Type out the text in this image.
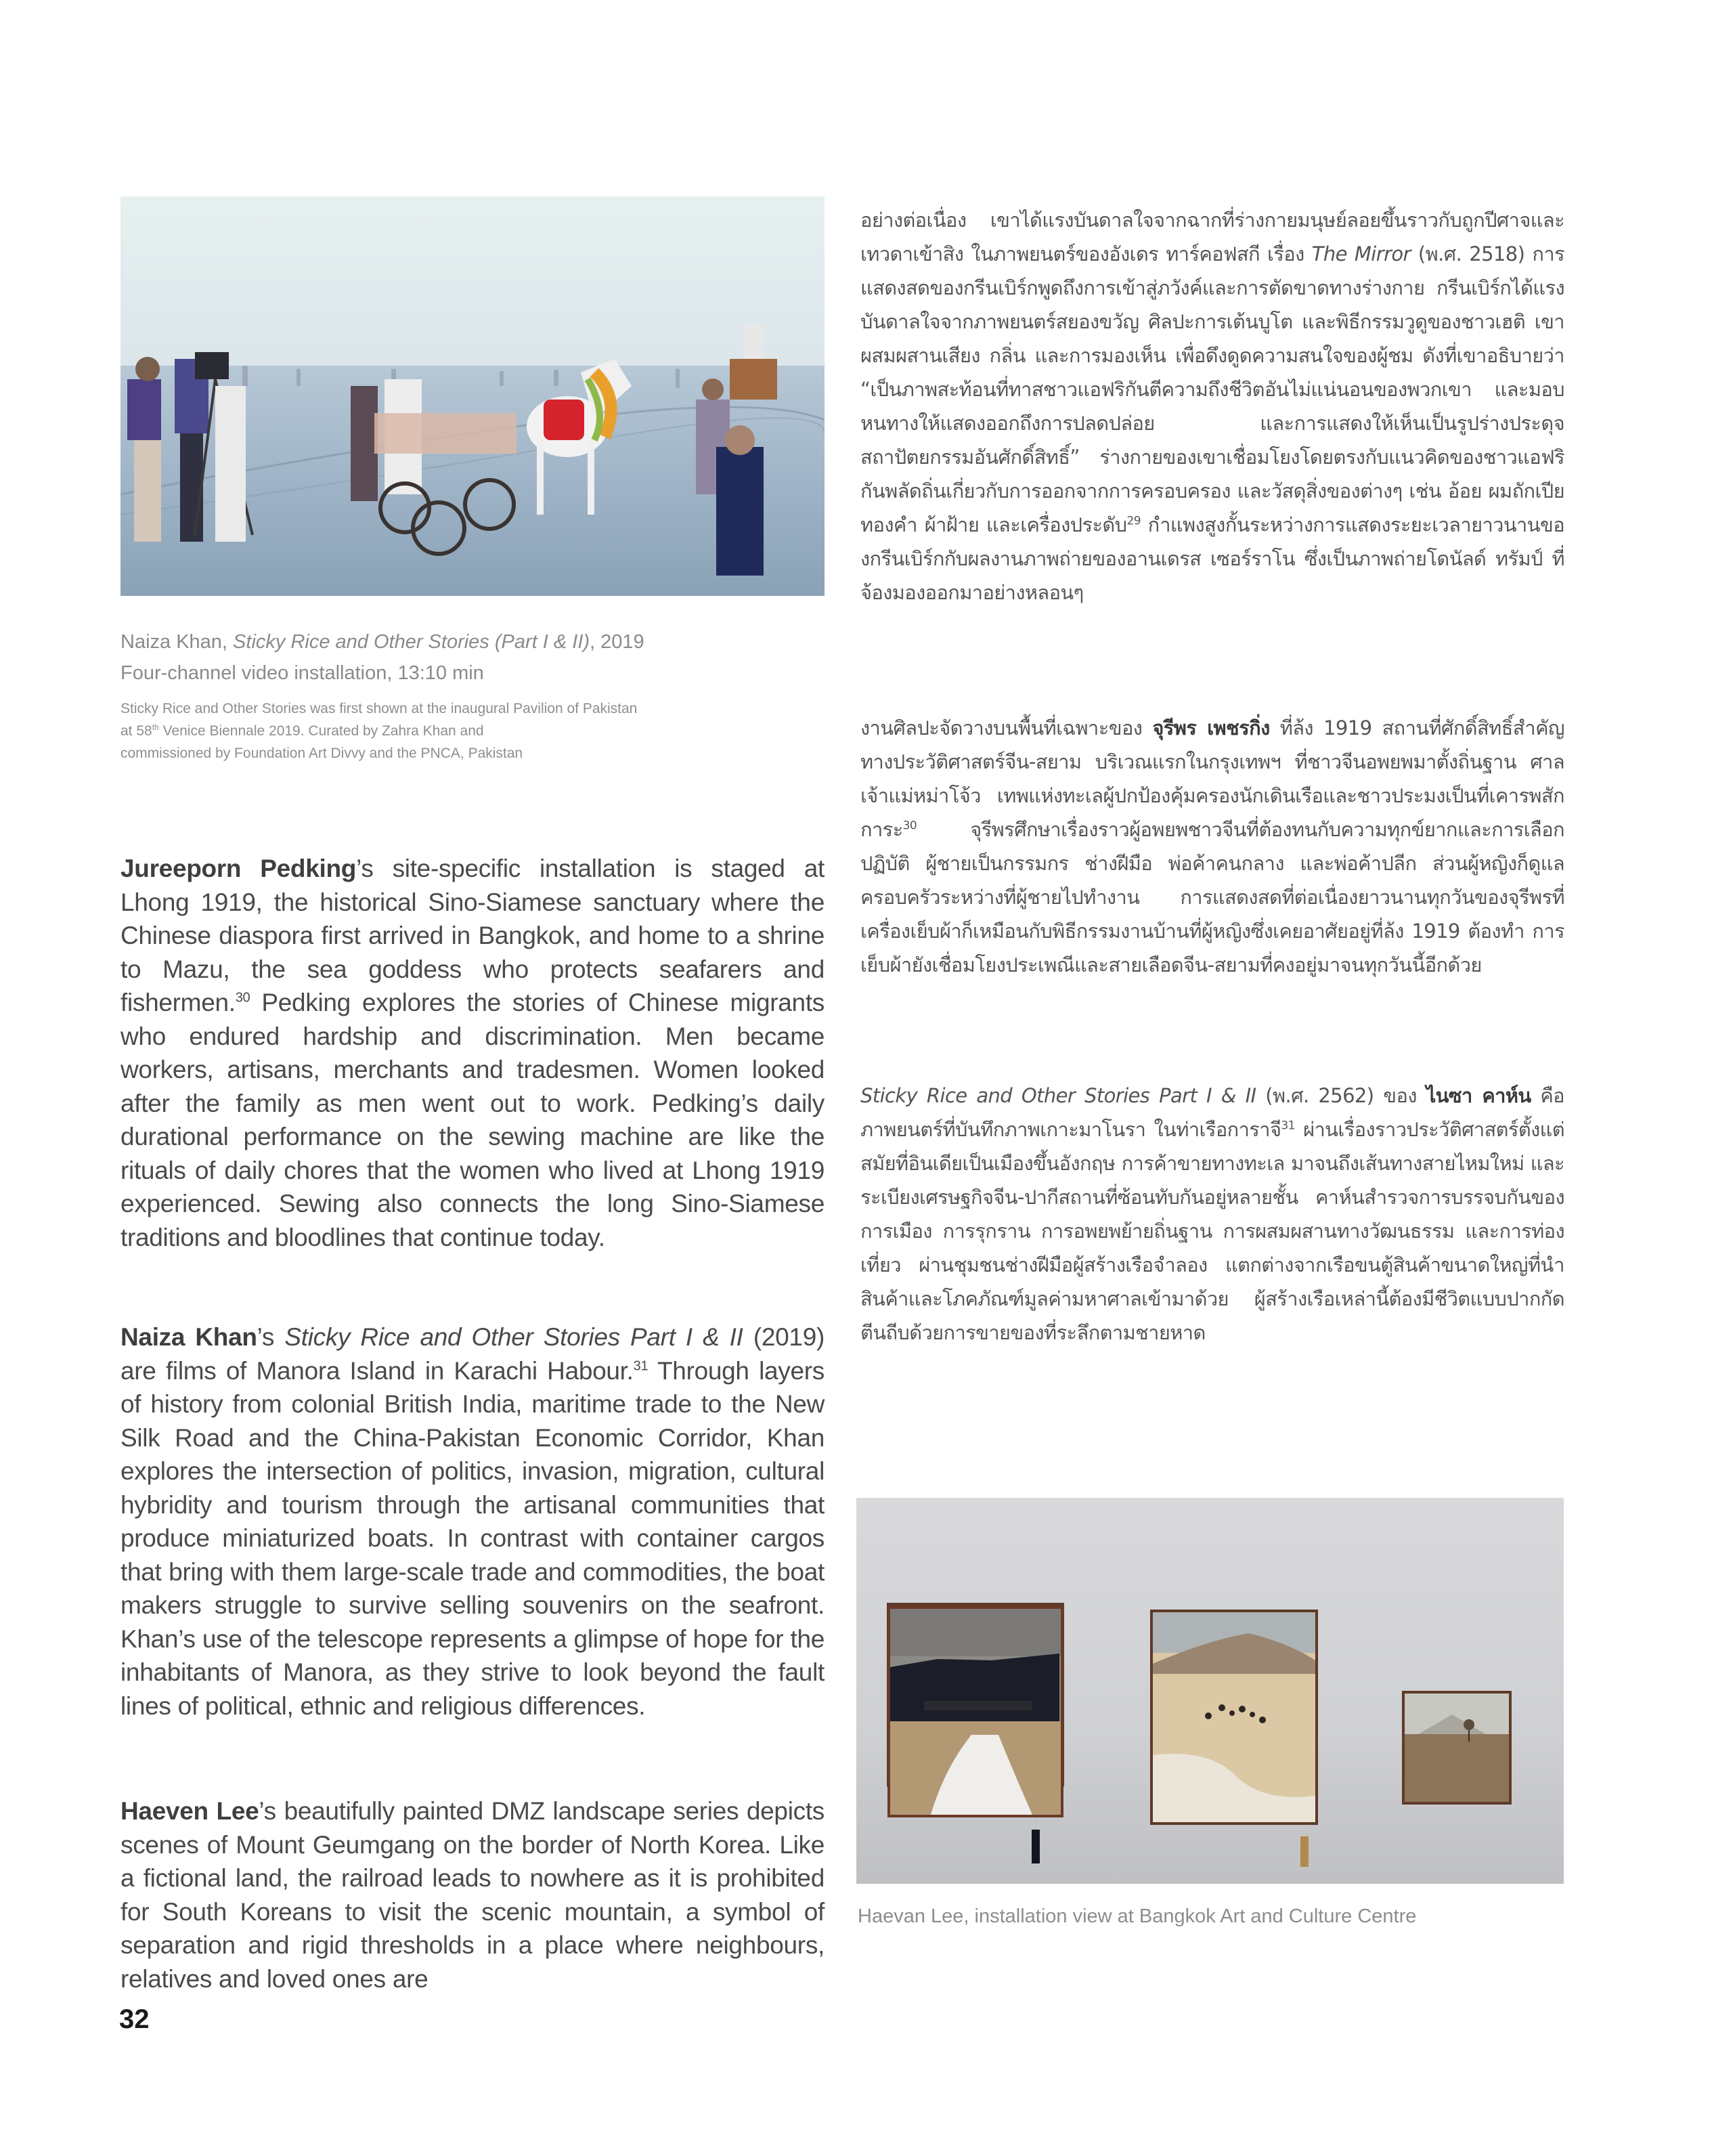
Naiza Khan, Sticky Rice and Other Stories (Part I & II), 2019
Four-channel video installation, 13:10 min
Sticky Rice and Other Stories was first shown at the inaugural Pavilion of Pakistan
at 58th Venice Biennale 2019. Curated by Zahra Khan and
commissioned by Foundation Art Divvy and the PNCA, Pakistan

Jureeporn Pedking’s site-specific installation is staged at Lhong 1919, the historical Sino-Siamese sanctuary where the Chinese diaspora first arrived in Bangkok, and home to a shrine to Mazu, the sea goddess who protects seafarers and fishermen.$^{30}$ Pedking explores the stories of Chinese migrants who endured hardship and discrimination. Men became workers, artisans, merchants and tradesmen. Women looked after the family as men went out to work. Pedking’s daily durational performance on the sewing machine are like the rituals of daily chores that the women who lived at Lhong 1919 experienced. Sewing also connects the long Sino-Siamese traditions and bloodlines that continue today.

Naiza Khan’s Sticky Rice and Other Stories Part I & II (2019) are films of Manora Island in Karachi Habour.$^{31}$ Through layers of history from colonial British India, maritime trade to the New Silk Road and the China-Pakistan Economic Corridor, Khan explores the intersection of politics, invasion, migration, cultural hybridity and tourism through the artisanal communities that produce miniaturized boats. In contrast with container cargos that bring with them large-scale trade and commodities, the boat makers struggle to survive selling souvenirs on the seafront. Khan’s use of the telescope represents a glimpse of hope for the inhabitants of Manora, as they strive to look beyond the fault lines of political, ethnic and religious differences.

Haeven Lee’s beautifully painted DMZ landscape series depicts scenes of Mount Geumgang on the border of North Korea. Like a fictional land, the railroad leads to nowhere as it is prohibited for South Koreans to visit the scenic mountain, a symbol of separation and rigid thresholds in a place where neighbours, relatives and loved ones are

อย่างต่อเนื่อง เขาได้แรงบันดาลใจจากฉากที่ร่างกายมนุษย์ลอยขึ้นราวกับถูกปีศาจและเทวดาเข้าสิง ในภาพยนตร์ของอังเดร ทาร์คอฟสกี เรื่อง The Mirror (พ.ศ. 2518) การแสดงสดของกรีนเบิร์กพูดถึงการเข้าสู่ภวังค์และการตัดขาดทางร่างกาย กรีนเบิร์กได้แรงบันดาลใจจากภาพยนตร์สยองขวัญ ศิลปะการเต้นบูโต และพิธีกรรมวูดูของชาวเฮติ เขาผสมผสานเสียง กลิ่น และการมองเห็น เพื่อดึงดูดความสนใจของผู้ชม ดังที่เขาอธิบายว่า “เป็นภาพสะท้อนที่ทาสชาวแอฟริกันตีความถึงชีวิตอันไม่แน่นอนของพวกเขา และมอบหนทางให้แสดงออกถึงการปลดปล่อย และการแสดงให้เห็นเป็นรูปร่างประดุจสถาปัตยกรรมอันศักดิ์สิทธิ์” ร่างกายของเขาเชื่อมโยงโดยตรงกับแนวคิดของชาวแอฟริกันพลัดถิ่นเกี่ยวกับการออกจากการครอบครอง และวัสดุสิ่งของต่างๆ เช่น อ้อย ผมถักเปีย ทองคำ ผ้าฝ้าย และเครื่องประดับ$^{29}$ กำแพงสูงกั้นระหว่างการแสดงระยะเวลายาวนานของกรีนเบิร์กกับผลงานภาพถ่ายของอานเดรส เซอร์ราโน ซึ่งเป็นภาพถ่ายโดนัลด์ ทรัมป์ ที่จ้องมองออกมาอย่างหลอนๆ

งานศิลปะจัดวางบนพื้นที่เฉพาะของ จุรีพร เพชรกิ่ง ที่ล้ง 1919 สถานที่ศักดิ์สิทธิ์สำคัญทางประวัติศาสตร์จีน-สยาม บริเวณแรกในกรุงเทพฯ ที่ชาวจีนอพยพมาตั้งถิ่นฐาน ศาลเจ้าแม่หม่าโจ้ว เทพแห่งทะเลผู้ปกป้องคุ้มครองนักเดินเรือและชาวประมงเป็นที่เคารพสักการะ$^{30}$ จุรีพรศึกษาเรื่องราวผู้อพยพชาวจีนที่ต้องทนกับความทุกข์ยากและการเลือกปฏิบัติ ผู้ชายเป็นกรรมกร ช่างฝีมือ พ่อค้าคนกลาง และพ่อค้าปลีก ส่วนผู้หญิงก็ดูแลครอบครัวระหว่างที่ผู้ชายไปทำงาน การแสดงสดที่ต่อเนื่องยาวนานทุกวันของจุรีพรที่เครื่องเย็บผ้าก็เหมือนกับพิธีกรรมงานบ้านที่ผู้หญิงซึ่งเคยอาศัยอยู่ที่ล้ง 1919 ต้องทำ การเย็บผ้ายังเชื่อมโยงประเพณีและสายเลือดจีน-สยามที่คงอยู่มาจนทุกวันนี้อีกด้วย

Sticky Rice and Other Stories Part I & II (พ.ศ. 2562) ของ ไนซา คาห์น คือภาพยนตร์ที่บันทึกภาพเกาะมาโนรา ในท่าเรือการาจี$^{31}$ ผ่านเรื่องราวประวัติศาสตร์ตั้งแต่สมัยที่อินเดียเป็นเมืองขึ้นอังกฤษ การค้าขายทางทะเล มาจนถึงเส้นทางสายไหมใหม่ และระเบียงเศรษฐกิจจีน-ปากีสถานที่ซ้อนทับกันอยู่หลายชั้น คาห์นสำรวจการบรรจบกันของการเมือง การรุกราน การอพยพย้ายถิ่นฐาน การผสมผสานทางวัฒนธรรม และการท่องเที่ยว ผ่านชุมชนช่างฝีมือผู้สร้างเรือจำลอง แตกต่างจากเรือขนตู้สินค้าขนาดใหญ่ที่นำสินค้าและโภคภัณฑ์มูลค่ามหาศาลเข้ามาด้วย ผู้สร้างเรือเหล่านี้ต้องมีชีวิตแบบปากกัดตีนถีบด้วยการขายของที่ระลึกตามชายหาด

Haevan Lee, installation view at Bangkok Art and Culture Centre
32
